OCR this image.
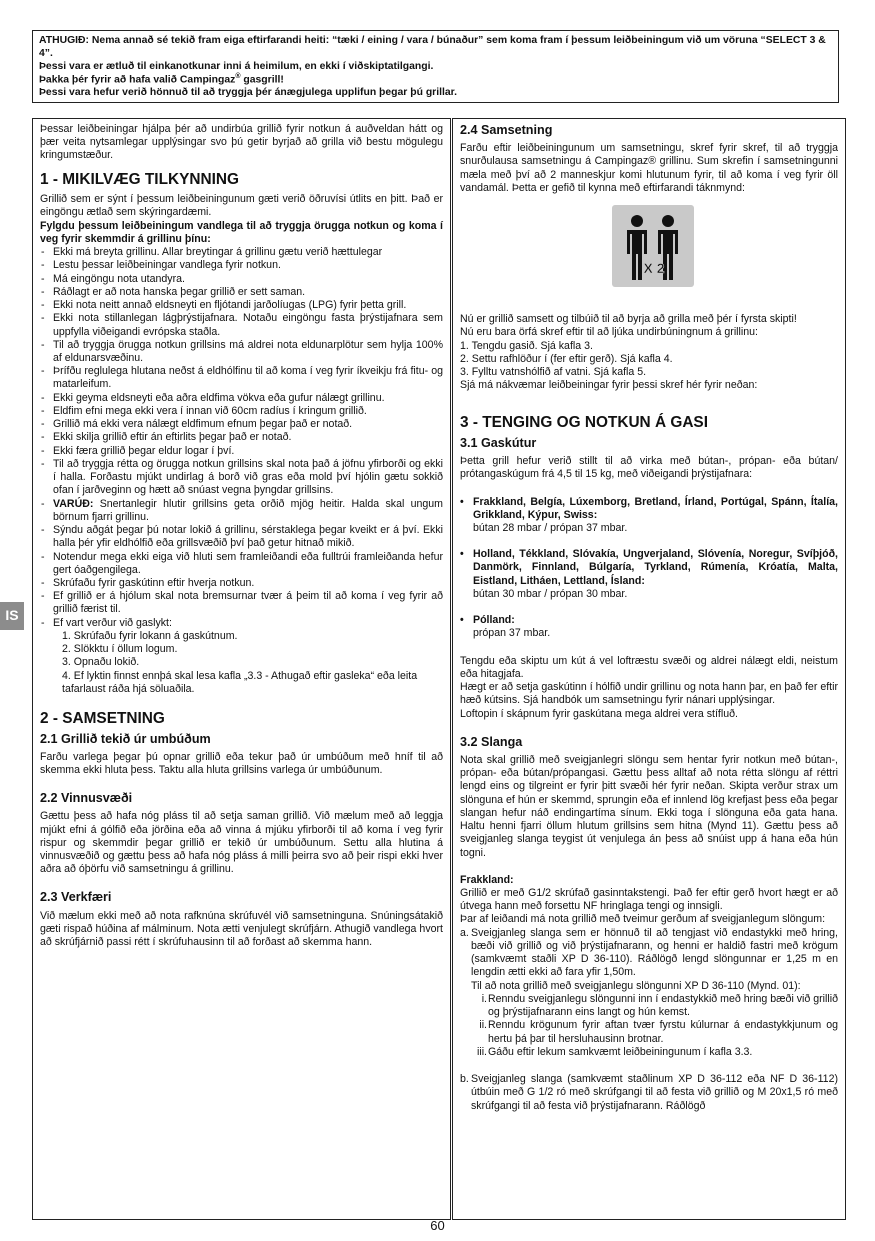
ATHUGIÐ: Nema annað sé tekið fram eiga eftirfarandi heiti: “tæki / eining / vara / búnaður” sem koma fram í þessum leiðbeiningum við um vöruna “SELECT 3 & 4”.

Þessi vara er ætluð til einkanotkunar inni á heimilum, en ekki í viðskiptatilgangi.

Þakka þér fyrir að hafa valið Campingaz® gasgrill!

Þessi vara hefur verið hönnuð til að tryggja þér ánægjulega upplifun þegar þú grillar.

IS

Þessar leiðbeiningar hjálpa þér að undirbúa grillið fyrir notkun á auðveldan hátt og þær veita nytsamlegar upplýsingar svo þú getir byrjað að grilla við bestu mögulegu kringumstæður.

1 - MIKILVÆG TILKYNNING

Grillið sem er sýnt í þessum leiðbeiningunum gæti verið öðruvísi útlits en þitt. Það er eingöngu ætlað sem skýringardæmi.

Fylgdu þessum leiðbeiningum vandlega til að tryggja örugga notkun og koma í veg fyrir skemmdir á grillinu þínu:

- Ekki má breyta grillinu. Allar breytingar á grillinu gætu verið hættulegar
- Lestu þessar leiðbeiningar vandlega fyrir notkun.
- Má eingöngu nota utandyra.
- Ráðlagt er að nota hanska þegar grillið er sett saman.
- Ekki nota neitt annað eldsneyti en fljótandi jarðolíugas (LPG) fyrir þetta grill.
- Ekki nota stillanlegan lágþrýstijafnara. Notaðu eingöngu fasta þrýstijafnara sem uppfylla viðeigandi evrópska staðla.
- Til að tryggja örugga notkun grillsins má aldrei nota eldunarplötur sem hylja 100% af eldunarsvæðinu.
- Þrífðu reglulega hlutana neðst á eldhólfinu til að koma í veg fyrir íkveikju frá fitu- og matarleifum.
- Ekki geyma eldsneyti eða aðra eldfima vökva eða gufur nálægt grillinu.
- Eldfim efni mega ekki vera í innan við 60cm radíus í kringum grillið.
- Grillið má ekki vera nálægt eldfimum efnum þegar það er notað.
- Ekki skilja grillið eftir án eftirlits þegar það er notað.
- Ekki færa grillið þegar eldur logar í því.
- Til að tryggja rétta og örugga notkun grillsins skal nota það á jöfnu yfirborði og ekki í halla. Forðastu mjúkt undirlag á borð við gras eða mold því hjólin gætu sokkið ofan í jarðveginn og hætt að snúast vegna þyngdar grillsins.
- VARÚÐ: Snertanlegir hlutir grillsins geta orðið mjög heitir. Halda skal ungum börnum fjarri grillinu.
- Sýndu aðgát þegar þú notar lokið á grillinu, sérstaklega þegar kveikt er á því. Ekki halla þér yfir eldhólfið eða grillsvæðið því það getur hitnað mikið.
- Notendur mega ekki eiga við hluti sem framleiðandi eða fulltrúi framleiðanda hefur gert óaðgengilega.
- Skrúfaðu fyrir gaskútinn eftir hverja notkun.
- Ef grillið er á hjólum skal nota bremsurnar tvær á þeim til að koma í veg fyrir að grillið færist til.
- Ef vart verður við gaslykt:
1. Skrúfaðu fyrir lokann á gaskútnum.
2. Slökktu í öllum logum.
3. Opnaðu lokið.
4. Ef lyktin finnst ennþá skal lesa kafla „3.3 - Athugað eftir gasleka“ eða leita tafarlaust ráða hjá söluaðila.
2 - SAMSETNING
2.1 Grillið tekið úr umbúðum

Farðu varlega þegar þú opnar grillið eða tekur það úr umbúðum með hníf til að skemma ekki hluta þess. Taktu alla hluta grillsins varlega úr umbúðunum.

2.2 Vinnusvæði

Gættu þess að hafa nóg pláss til að setja saman grillið. Við mælum með að leggja mjúkt efni á gólfið eða jörðina eða að vinna á mjúku yfirborði til að koma í veg fyrir rispur og skemmdir þegar grillið er tekið úr umbúðunum. Settu alla hlutina á vinnusvæðið og gættu þess að hafa nóg pláss á milli þeirra svo að þeir rispi ekki hver aðra að óþörfu við samsetningu á grillinu.

2.3 Verkfæri

Við mælum ekki með að nota rafknúna skrúfuvél við samsetninguna. Snúningsátakið gæti rispað húðina af málminum. Nota ætti venjulegt skrúfjárn. Athugið vandlega hvort að skrúfjárnið passi rétt í skrúfuhausinn til að forðast að skemma hann.

2.4 Samsetning

Farðu eftir leiðbeiningunum um samsetningu, skref fyrir skref, til að tryggja snurðulausa samsetningu á Campingaz® grillinu. Sum skrefin í samsetningunni mæla með því að 2 manneskjur komi hlutunum fyrir, til að koma í veg fyrir öll vandamál. Þetta er gefið til kynna með eftirfarandi táknmynd:

X 2

Nú er grillið samsett og tilbúið til að byrja að grilla með þér í fyrsta skipti!

Nú eru bara örfá skref eftir til að ljúka undirbúningnum á grillinu:

1. Tengdu gasið. Sjá kafla 3.

2. Settu rafhlöður í (fer eftir gerð). Sjá kafla 4.

3. Fylltu vatnshólfið af vatni. Sjá kafla 5.

Sjá má nákvæmar leiðbeiningar fyrir þessi skref hér fyrir neðan:

3 - TENGING OG NOTKUN Á GASI
3.1 Gaskútur

Þetta grill hefur verið stillt til að virka með bútan-, própan- eða bútan/ prótangaskúgum frá 4,5 til 15 kg, með viðeigandi þrýstijafnara:

• Frakkland, Belgía, Lúxemborg, Bretland, Írland, Portúgal, Spánn, Ítalía, Grikkland, Kýpur, Swiss:
bútan 28 mbar / própan 37 mbar.
• Holland, Tékkland, Slóvakía, Ungverjaland, Slóvenía, Noregur, Svíþjóð, Danmörk, Finnland, Búlgaría, Tyrkland, Rúmenía, Króatía, Malta, Eistland, Litháen, Lettland, Ísland:
bútan 30 mbar / própan 30 mbar.
• Pólland:
própan 37 mbar.

Tengdu eða skiptu um kút á vel loftræstu svæði og aldrei nálægt eldi, neistum eða hitagjafa.

Hægt er að setja gaskútinn í hólfið undir grillinu og nota hann þar, en það fer eftir hæð kútsins. Sjá handbók um samsetningu fyrir nánari upplýsingar.

Loftopin í skápnum fyrir gaskútana mega aldrei vera stífluð.

3.2 Slanga

Nota skal grillið með sveigjanlegri slöngu sem hentar fyrir notkun með bútan-, própan- eða bútan/própangasi. Gættu þess alltaf að nota rétta slöngu af réttri lengd eins og tilgreint er fyrir þitt svæði hér fyrir neðan. Skipta verður strax um slönguna ef hún er skemmd, sprungin eða ef innlend lög krefjast þess eða þegar slangan hefur náð endingartíma sínum. Ekki toga í slönguna eða gata hana. Haltu henni fjarri öllum hlutum grillsins sem hitna (Mynd 11). Gættu þess að sveigjanleg slanga teygist út venjulega án þess að snúist upp á hana eða hún togni.

Frakkland:

Grillið er með G1/2 skrúfað gasinntakstengi. Það fer eftir gerð hvort hægt er að útvega hann með forsettu NF hringlaga tengi og innsigli.

Þar af leiðandi má nota grillið með tveimur gerðum af sveigjanlegum slöngum:

a. Sveigjanleg slanga sem er hönnuð til að tengjast við endastykki með hring, bæði við grillið og við þrýstijafnarann, og henni er haldið fastri með krögum (samkvæmt staðli XP D 36-110). Ráðlögð lengd slöngunnar er 1,25 m en lengdin ætti ekki að fara yfir 1,50m.

Til að nota grillið með sveigjanlegu slöngunni XP D 36-110 (Mynd. 01):

i. Renndu sveigjanlegu slöngunni inn í endastykkið með hring bæði við grillið og þrýstijafnarann eins langt og hún kemst.
ii. Renndu krögunum fyrir aftan tvær fyrstu kúlurnar á endastykkjunum og hertu þá þar til hersluhausinn brotnar.
iii. Gáðu eftir lekum samkvæmt leiðbeiningunum í kafla 3.3.
b. Sveigjanleg slanga (samkvæmt staðlinum XP D 36-112 eða NF D 36-112) útbúin með G 1/2 ró með skrúfgangi til að festa við grillið og M 20x1,5 ró með skrúfgangi til að festa við þrýstijafnarann. Ráðlögð
60
